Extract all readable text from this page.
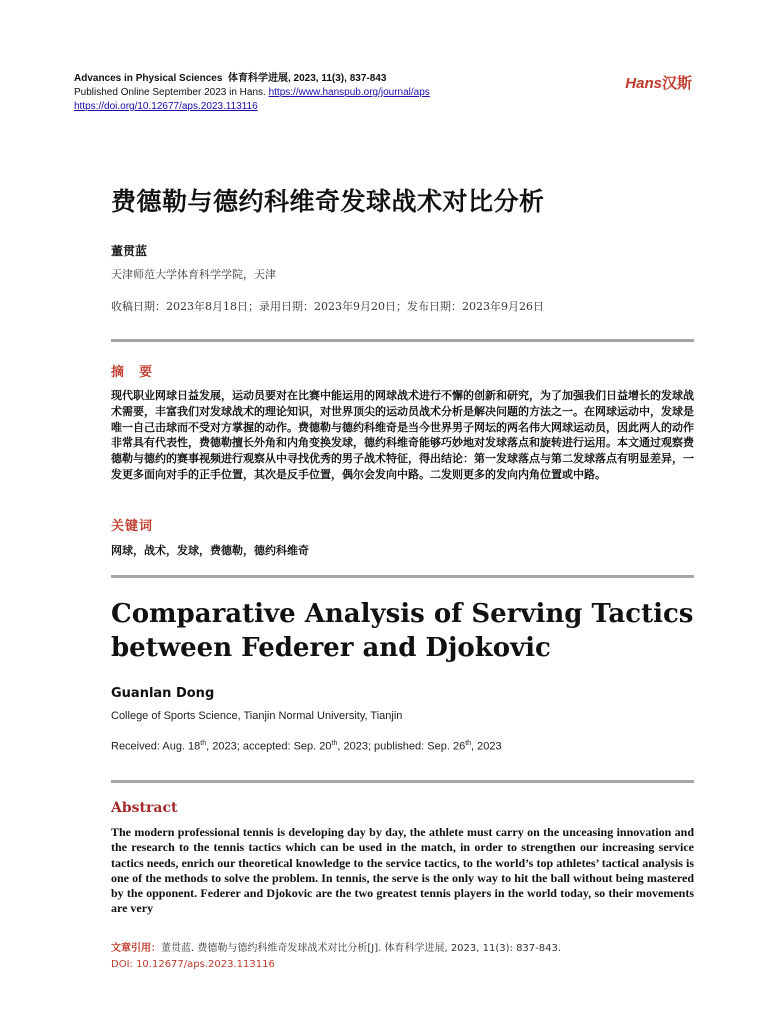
Advances in Physical Sciences 体育科学进展, 2023, 11(3), 837-843
Published Online September 2023 in Hans. https://www.hanspub.org/journal/aps
https://doi.org/10.12677/aps.2023.113116
Hans汉斯
费德勒与德约科维奇发球战术对比分析
董贯蓝
天津师范大学体育科学学院，天津
收稿日期：2023年8月18日；录用日期：2023年9月20日；发布日期：2023年9月26日
摘　要
现代职业网球日益发展，运动员要对在比赛中能运用的网球战术进行不懈的创新和研究，为了加强我们日益增长的发球战术需要，丰富我们对发球战术的理论知识，对世界顶尖的运动员战术分析是解决问题的方法之一。在网球运动中，发球是唯一自己击球而不受对方掌握的动作。费德勒与德约科维奇是当今世界男子网坛的两名伟大网球运动员，因此两人的动作非常具有代表性，费德勒擅长外角和内角变换发球，德约科维奇能够巧妙地对发球落点和旋转进行运用。本文通过观察费德勒与德约的赛事视频进行观察从中寻找优秀的男子战术特征，得出结论：第一发球落点与第二发球落点有明显差异，一发更多面向对手的正手位置，其次是反手位置，偶尔会发向中路。二发则更多的发向内角位置或中路。
关键词
网球，战术，发球，费德勒，德约科维奇
Comparative Analysis of Serving Tactics between Federer and Djokovic
Guanlan Dong
College of Sports Science, Tianjin Normal University, Tianjin
Received: Aug. 18th, 2023; accepted: Sep. 20th, 2023; published: Sep. 26th, 2023
Abstract
The modern professional tennis is developing day by day, the athlete must carry on the unceasing innovation and the research to the tennis tactics which can be used in the match, in order to strengthen our increasing service tactics needs, enrich our theoretical knowledge to the service tactics, to the world’s top athletes’ tactical analysis is one of the methods to solve the problem. In tennis, the serve is the only way to hit the ball without being mastered by the opponent. Federer and Djokovic are the two greatest tennis players in the world today, so their movements are very
文章引用：董贯蓝. 费德勒与德约科维奇发球战术对比分析[J]. 体育科学进展, 2023, 11(3): 837-843.
DOI: 10.12677/aps.2023.113116
